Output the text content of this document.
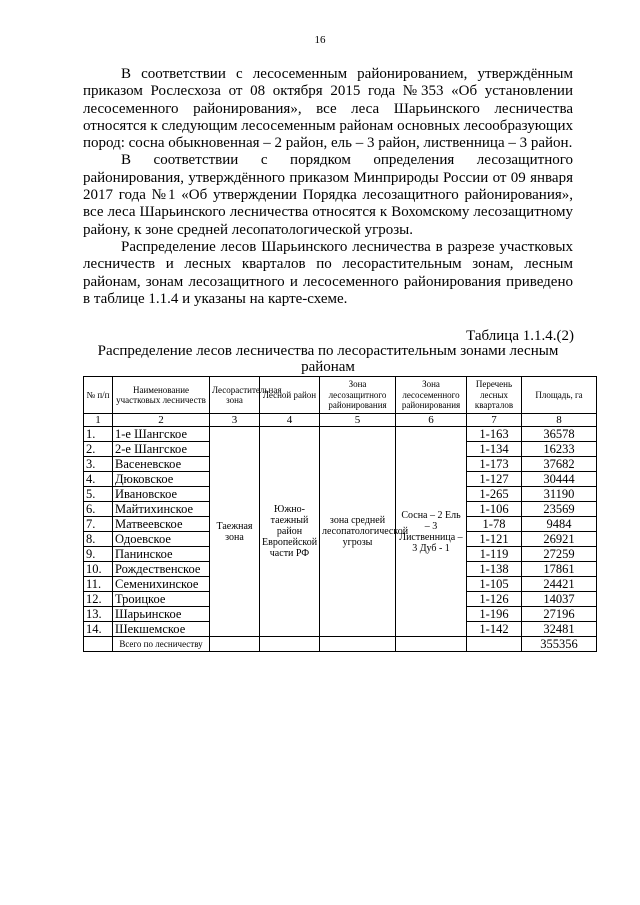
16

В соответствии с лесосеменным районированием, утверждённым приказом Рослесхоза от 08 октября 2015 года №353 «Об установлении лесосеменного районирования», все леса Шарьинского лесничества относятся к следующим лесосеменным районам основных лесообразующих пород: сосна обыкновенная – 2 район, ель – 3 район, лиственница – 3 район.

В соответствии с порядком определения лесозащитного районирования, утверждённого приказом Минприроды России от 09 января 2017 года №1 «Об утверждении Порядка лесозащитного районирования», все леса Шарьинского лесничества относятся к Вохомскому лесозащитному району, к зоне средней лесопатологической угрозы.

Распределение лесов Шарьинского лесничества в разрезе участковых лесничеств и лесных кварталов по лесорастительным зонам, лесным районам, зонам лесозащитного и лесосеменного районирования приведено в таблице 1.1.4 и указаны на карте-схеме.

Таблица 1.1.4.(2)
Распределение лесов лесничества по лесорастительным зонами лесным районам
№ п/п	Наименование участковых лесничеств	Лесорастительная зона	Лесной район	Зона лесозащитного районирования	Зона лесосеменного районирования	Перечень лесных кварталов	Площадь, га
1	2	3	4	5	6	7	8
1.	1-е Шангское	Таежная зона	Южно-таежный район Европейской части РФ	зона средней лесопатологической угрозы	Сосна – 2 Ель – 3 Лиственница – 3 Дуб - 1	1-163	36578
2.	2-е Шангское					1-134	16233
3.	Васеневское					1-173	37682
4.	Дюковское					1-127	30444
5.	Ивановское					1-265	31190
6.	Майтихинское					1-106	23569
7.	Матвеевское					1-78	9484
8.	Одоевское					1-121	26921
9.	Панинское					1-119	27259
10.	Рождественское					1-138	17861
11.	Семенихинское					1-105	24421
12.	Троицкое					1-126	14037
13.	Шарьинское					1-196	27196
14.	Шекшемское					1-142	32481
	Всего по лесничеству						355356
